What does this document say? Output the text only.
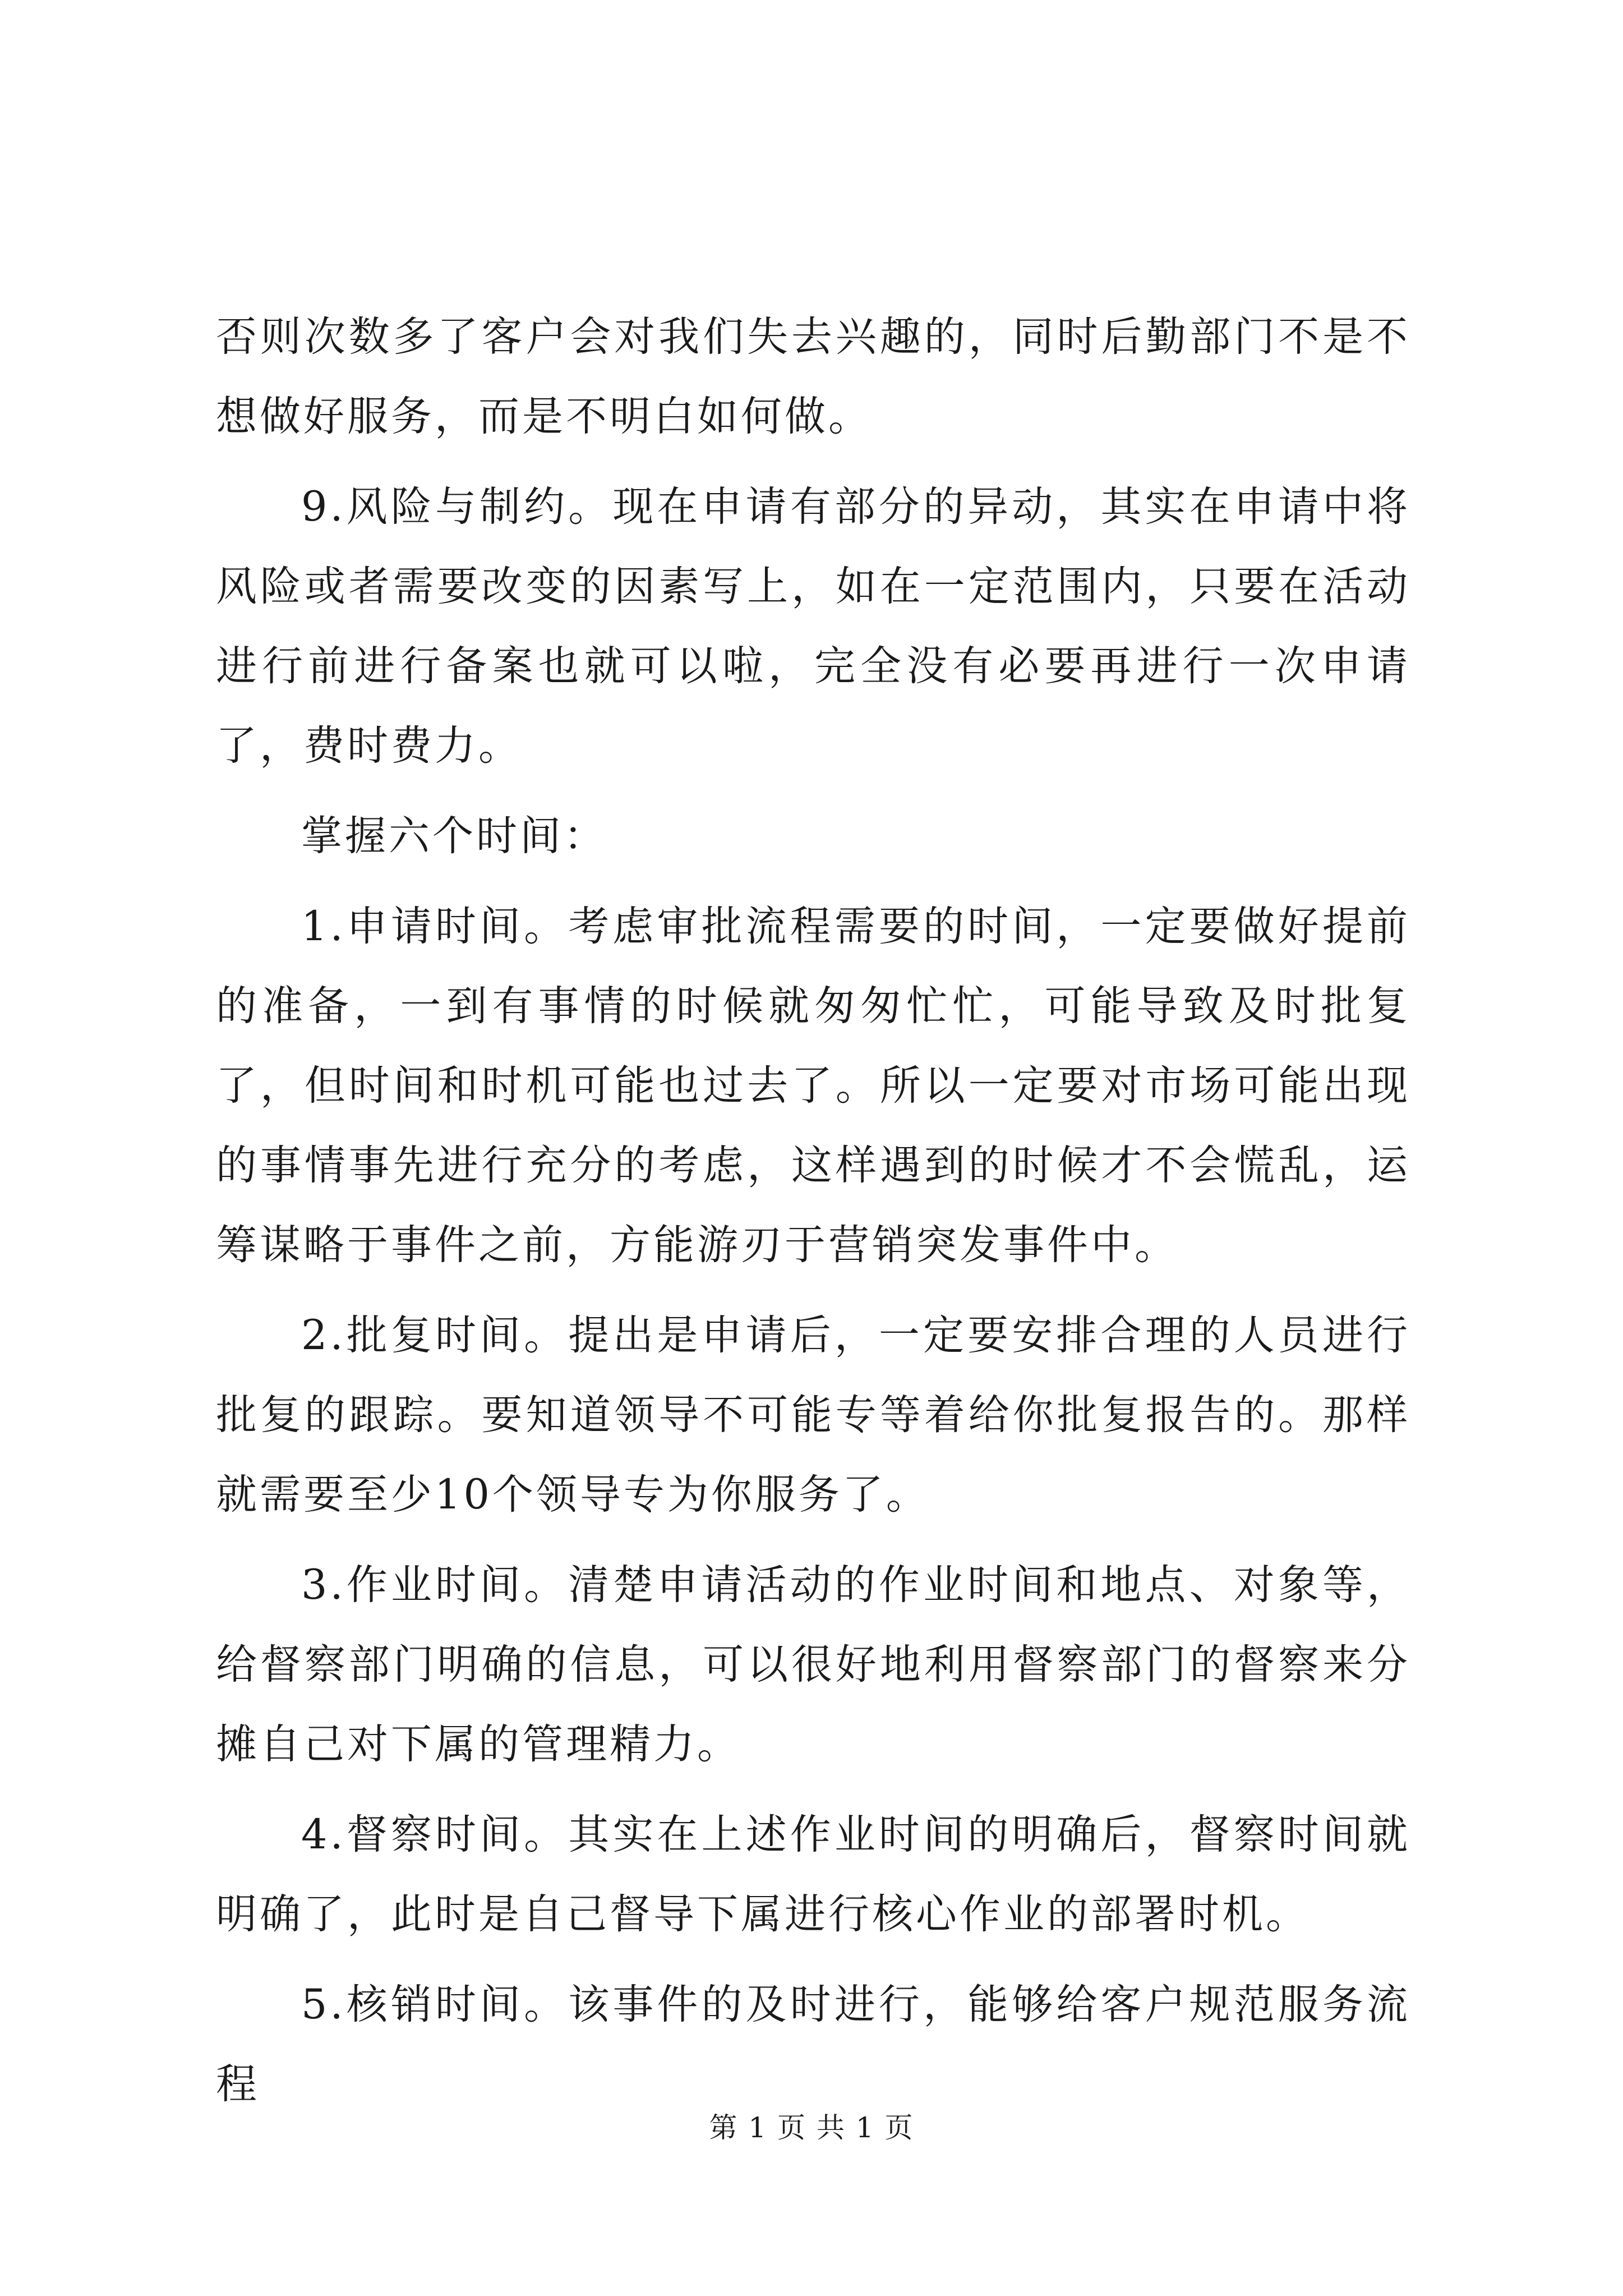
否则次数多了客户会对我们失去兴趣的，同时后勤部门不是不想做好服务，而是不明白如何做。

9.风险与制约。现在申请有部分的异动，其实在申请中将风险或者需要改变的因素写上，如在一定范围内，只要在活动进行前进行备案也就可以啦，完全没有必要再进行一次申请了，费时费力。

掌握六个时间：

1.申请时间。考虑审批流程需要的时间，一定要做好提前的准备，一到有事情的时候就匆匆忙忙，可能导致及时批复了，但时间和时机可能也过去了。所以一定要对市场可能出现的事情事先进行充分的考虑，这样遇到的时候才不会慌乱，运筹谋略于事件之前，方能游刃于营销突发事件中。

2.批复时间。提出是申请后，一定要安排合理的人员进行批复的跟踪。要知道领导不可能专等着给你批复报告的。那样就需要至少10个领导专为你服务了。

3.作业时间。清楚申请活动的作业时间和地点、对象等，给督察部门明确的信息，可以很好地利用督察部门的督察来分摊自己对下属的管理精力。

4.督察时间。其实在上述作业时间的明确后，督察时间就明确了，此时是自己督导下属进行核心作业的部署时机。

5.核销时间。该事件的及时进行，能够给客户规范服务流程

第 1 页 共 1 页
